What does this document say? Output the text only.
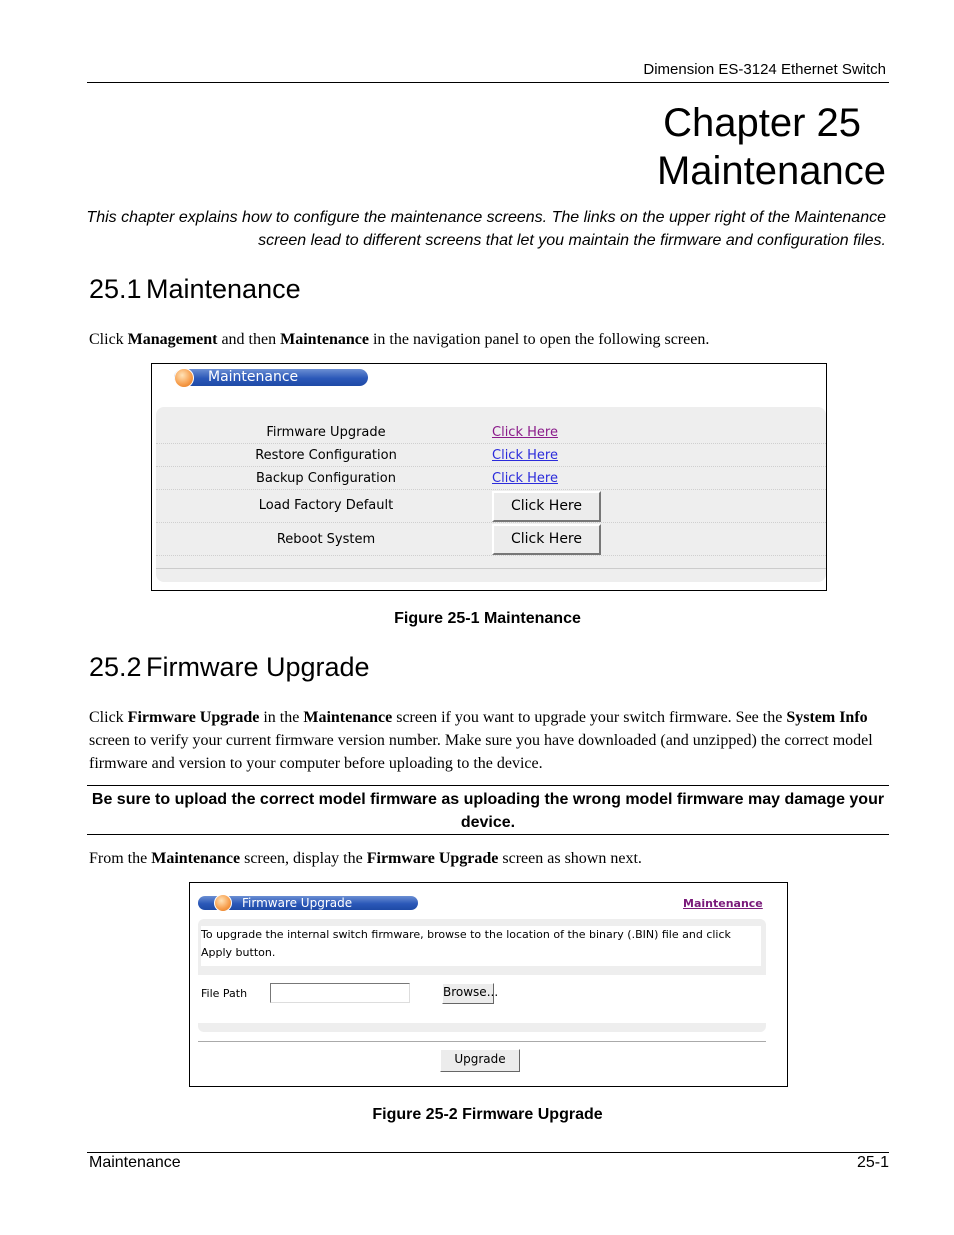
Dimension ES-3124 Ethernet Switch
Chapter 25
Maintenance
This chapter explains how to configure the maintenance screens. The links on the upper right of the Maintenance screen lead to different screens that let you maintain the firmware and configuration files.
25.1 Maintenance
Click Management and then Maintenance in the navigation panel to open the following screen.
Maintenance
Firmware Upgrade	Click Here
Restore Configuration	Click Here
Backup Configuration	Click Here
Load Factory Default	Click Here
Reboot System	Click Here
Figure 25-1 Maintenance
25.2 Firmware Upgrade
Click Firmware Upgrade in the Maintenance screen if you want to upgrade your switch firmware. See the System Info screen to verify your current firmware version number. Make sure you have downloaded (and unzipped) the correct model firmware and version to your computer before uploading to the device.
Be sure to upload the correct model firmware as uploading the wrong model firmware may damage your device.
From the Maintenance screen, display the Firmware Upgrade screen as shown next.
Firmware Upgrade	Maintenance
To upgrade the internal switch firmware, browse to the location of the binary (.BIN) file and click Apply button.
File Path	Browse...
Upgrade
Figure 25-2 Firmware Upgrade
Maintenance	25-1
